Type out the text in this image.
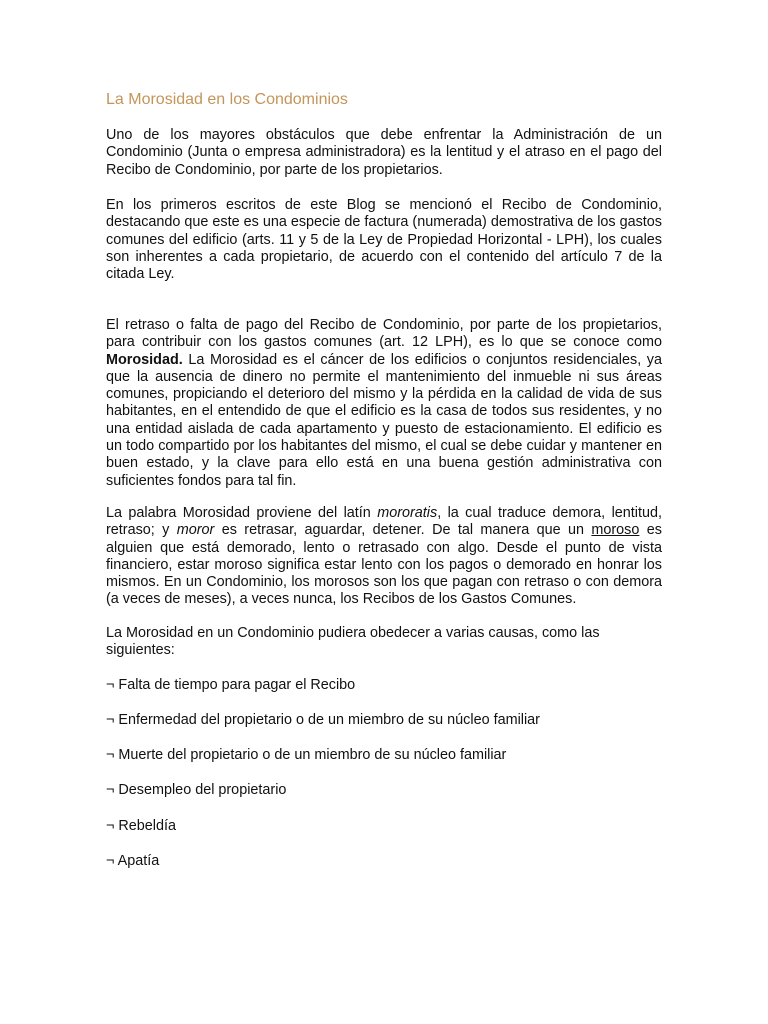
La Morosidad en los Condominios

Uno de los mayores obstáculos que debe enfrentar la Administración de un Condominio (Junta o empresa administradora) es la lentitud y el atraso en el pago del Recibo de Condominio, por parte de los propietarios.

En los primeros escritos de este Blog se mencionó el Recibo de Condominio, destacando que este es una especie de factura (numerada) demostrativa de los gastos comunes del edificio (arts. 11 y 5 de la Ley de Propiedad Horizontal - LPH), los cuales son inherentes a cada propietario, de acuerdo con el contenido del artículo 7 de la citada Ley.

El retraso o falta de pago del Recibo de Condominio, por parte de los propietarios, para contribuir con los gastos comunes (art. 12 LPH), es lo que se conoce como Morosidad. La Morosidad es el cáncer de los edificios o conjuntos residenciales, ya que la ausencia de dinero no permite el mantenimiento del inmueble ni sus áreas comunes, propiciando el deterioro del mismo y la pérdida en la calidad de vida de sus habitantes, en el entendido de que el edificio es la casa de todos sus residentes, y no una entidad aislada de cada apartamento y puesto de estacionamiento. El edificio es un todo compartido por los habitantes del mismo, el cual se debe cuidar y mantener en buen estado, y la clave para ello está en una buena gestión administrativa con suficientes fondos para tal fin.

La palabra Morosidad proviene del latín mororatis, la cual traduce demora, lentitud, retraso; y moror es retrasar, aguardar, detener. De tal manera que un moroso es alguien que está demorado, lento o retrasado con algo. Desde el punto de vista financiero, estar moroso significa estar lento con los pagos o demorado en honrar los mismos. En un Condominio, los morosos son los que pagan con retraso o con demora (a veces de meses), a veces nunca, los Recibos de los Gastos Comunes.

La Morosidad en un Condominio pudiera obedecer a varias causas, como las siguientes:

¬ Falta de tiempo para pagar el Recibo
¬ Enfermedad del propietario o de un miembro de su núcleo familiar
¬ Muerte del propietario o de un miembro de su núcleo familiar
¬ Desempleo del propietario
¬ Rebeldía
¬ Apatía
